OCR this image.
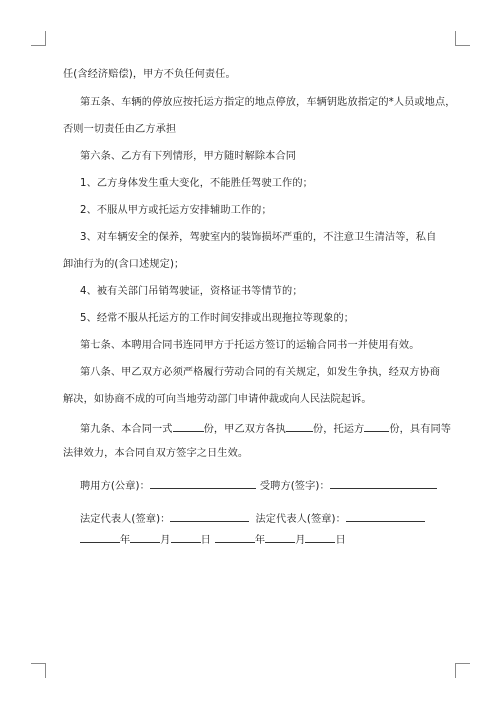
任(含经济赔偿)，甲方不负任何责任。
第五条、车辆的停放应按托运方指定的地点停放，车辆钥匙放指定的*人员或地点，
否则一切责任由乙方承担
第六条、乙方有下列情形，甲方随时解除本合同
1、乙方身体发生重大变化，不能胜任驾驶工作的；
2、不服从甲方或托运方安排辅助工作的；
3、对车辆安全的保养，驾驶室内的装饰损坏严重的，不注意卫生清洁等，私自
卸油行为的(含口述规定)；
4、被有关部门吊销驾驶证，资格证书等情节的；
5、经常不服从托运方的工作时间安排或出现拖拉等现象的；
第七条、本聘用合同书连同甲方于托运方签订的运输合同书一并使用有效。
第八条、甲乙双方必须严格履行劳动合同的有关规定，如发生争执，经双方协商
解决，如协商不成的可向当地劳动部门申请仲裁或向人民法院起诉。
第九条、本合同一式	份，甲乙双方各执	份，托运方 份，具有同等
法律效力，本合同自双方签字之日生效。
聘用方(公章)：	受聘方(签字)：
法定代表人(签章)：	法定代表人(签章)：
年	月	日	年	月	日
